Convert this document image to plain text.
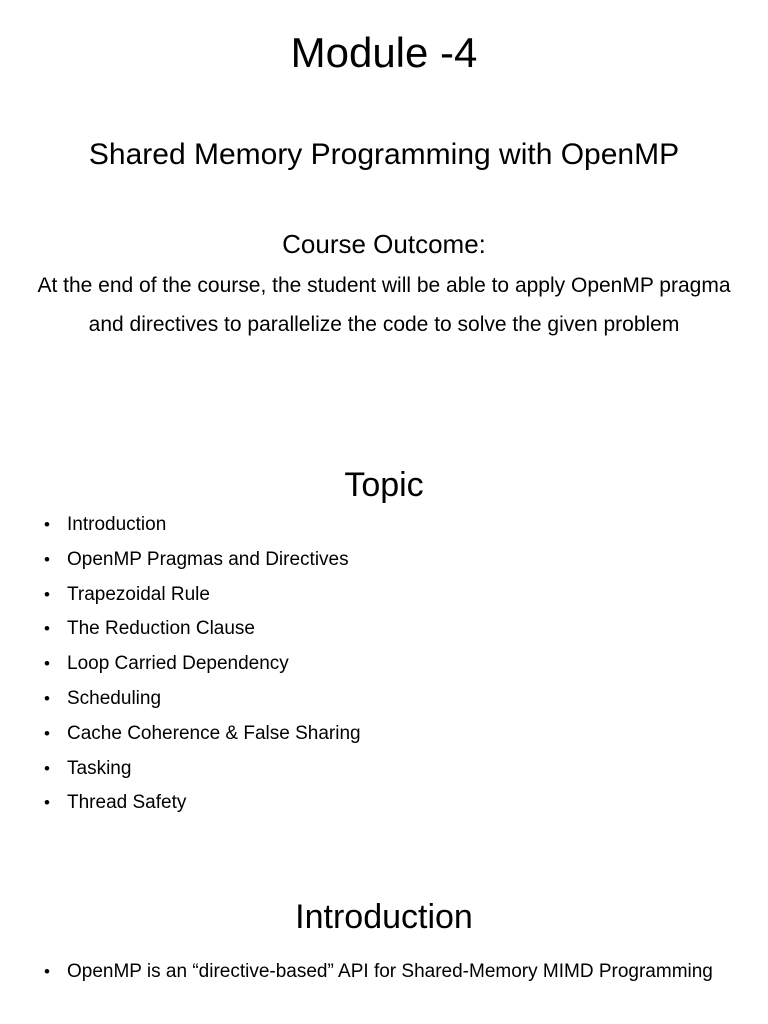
Module -4
Shared Memory Programming with OpenMP
Course Outcome:

At the end of the course, the student will be able to apply OpenMP pragma and directives to parallelize the code to solve the given problem

Topic
• Introduction
• OpenMP Pragmas and Directives
• Trapezoidal Rule
• The Reduction Clause
• Loop Carried Dependency
• Scheduling
• Cache Coherence & False Sharing
• Tasking
• Thread Safety
Introduction
• OpenMP is an “directive-based” API for Shared-Memory MIMD Programming
